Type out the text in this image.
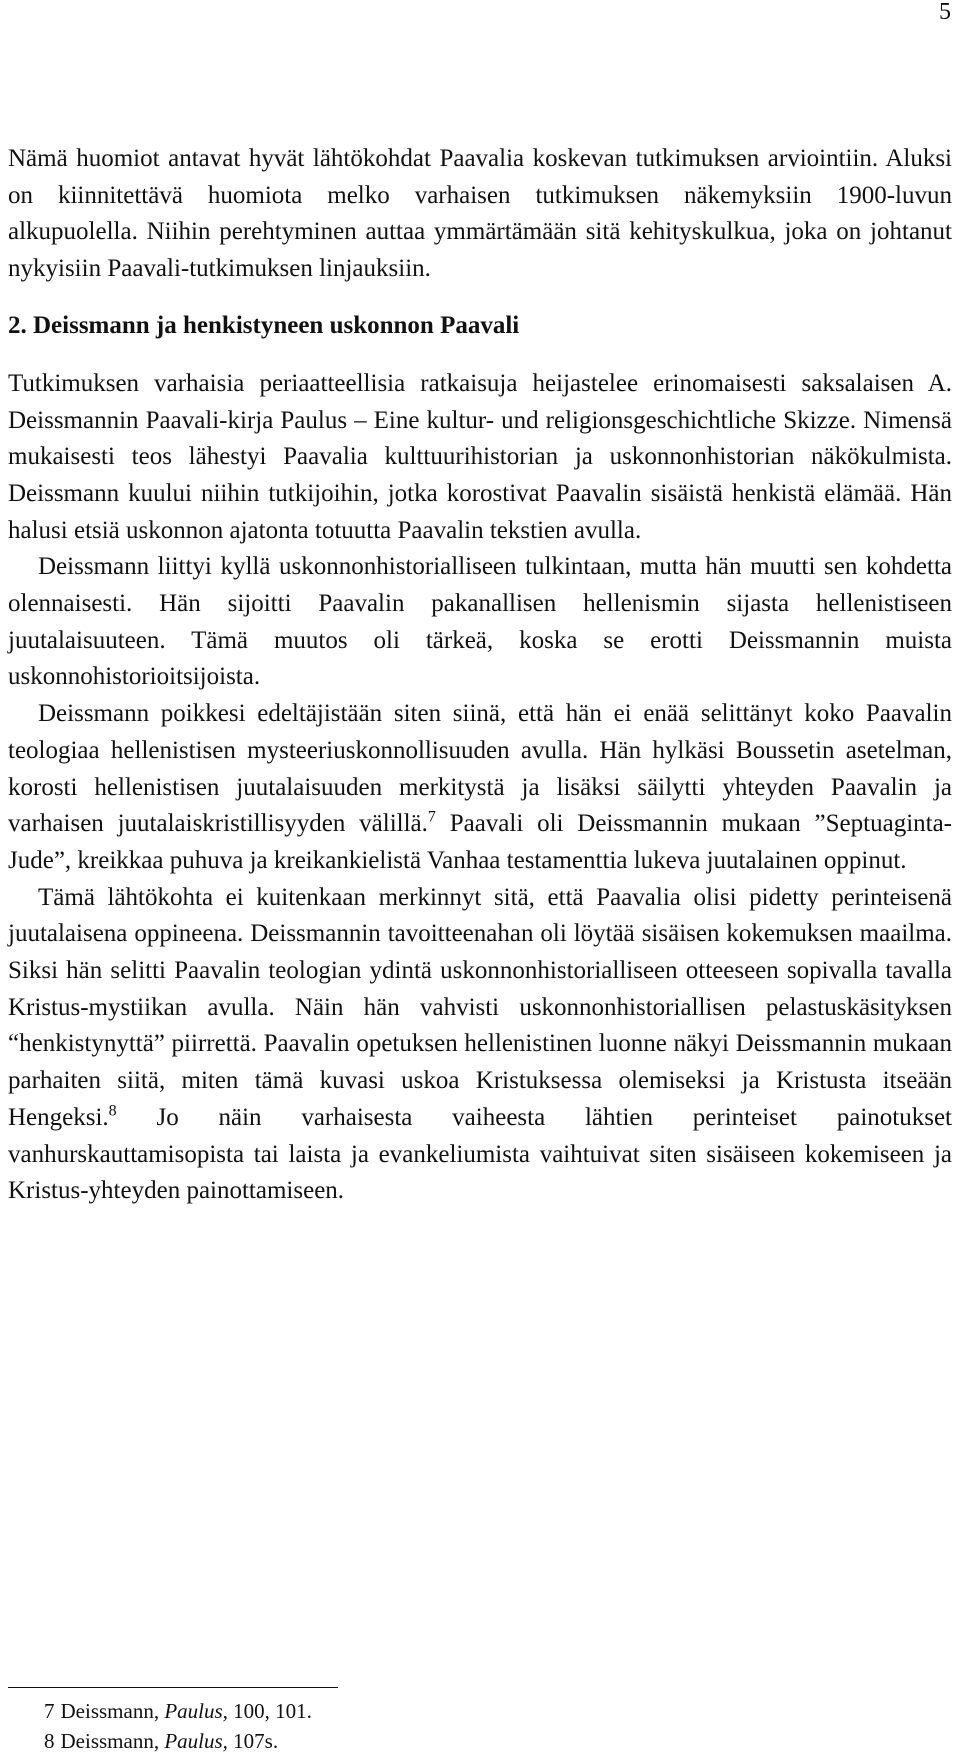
5

Nämä huomiot antavat hyvät lähtökohdat Paavalia koskevan tutkimuksen arviointiin. Aluksi on kiinnitettävä huomiota melko varhaisen tutkimuksen näkemyksiin 1900-luvun alkupuolella. Niihin perehtyminen auttaa ymmärtämään sitä kehityskulkua, joka on johtanut nykyisiin Paavali-tutkimuksen linjauksiin.

2. Deissmann ja henkistyneen uskonnon Paavali

Tutkimuksen varhaisia periaatteellisia ratkaisuja heijastelee erinomaisesti saksalaisen A. Deissmannin Paavali-kirja Paulus – Eine kultur- und religionsgeschichtliche Skizze. Nimensä mukaisesti teos lähestyi Paavalia kulttuurihistorian ja uskonnonhistorian näkökulmista. Deissmann kuului niihin tutkijoihin, jotka korostivat Paavalin sisäistä henkistä elämää. Hän halusi etsiä uskonnon ajatonta totuutta Paavalin tekstien avulla.

Deissmann liittyi kyllä uskonnonhistorialliseen tulkintaan, mutta hän muutti sen kohdetta olennaisesti. Hän sijoitti Paavalin pakanallisen hellenismin sijasta hellenistiseen juutalaisuuteen. Tämä muutos oli tärkeä, koska se erotti Deissmannin muista uskonnohistorioitsijoista.

Deissmann poikkesi edeltäjistään siten siinä, että hän ei enää selittänyt koko Paavalin teologiaa hellenistisen mysteeriuskonnollisuuden avulla. Hän hylkäsi Boussetin asetelman, korosti hellenistisen juutalaisuuden merkitystä ja lisäksi säilytti yhteyden Paavalin ja varhaisen juutalaiskristillisyyden välillä.$^7$ Paavali oli Deissmannin mukaan ”Septuaginta-Jude”, kreikkaa puhuva ja kreikankielistä Vanhaa testamenttia lukeva juutalainen oppinut.

Tämä lähtökohta ei kuitenkaan merkinnyt sitä, että Paavalia olisi pidetty perinteisenä juutalaisena oppineena. Deissmannin tavoitteenahan oli löytää sisäisen kokemuksen maailma. Siksi hän selitti Paavalin teologian ydintä uskonnonhistorialliseen otteeseen sopivalla tavalla Kristus-mystiikan avulla. Näin hän vahvisti uskonnonhistoriallisen pelastuskäsityksen “henkistynyttä” piirrettä. Paavalin opetuksen hellenistinen luonne näkyi Deissmannin mukaan parhaiten siitä, miten tämä kuvasi uskoa Kristuksessa olemiseksi ja Kristusta itseään Hengeksi.$^8$ Jo näin varhaisesta vaiheesta lähtien perinteiset painotukset vanhurskauttamisopista tai laista ja evankeliumista vaihtuivat siten sisäiseen kokemiseen ja Kristus-yhteyden painottamiseen.

7 Deissmann, Paulus, 100, 101.
8 Deissmann, Paulus, 107s.
